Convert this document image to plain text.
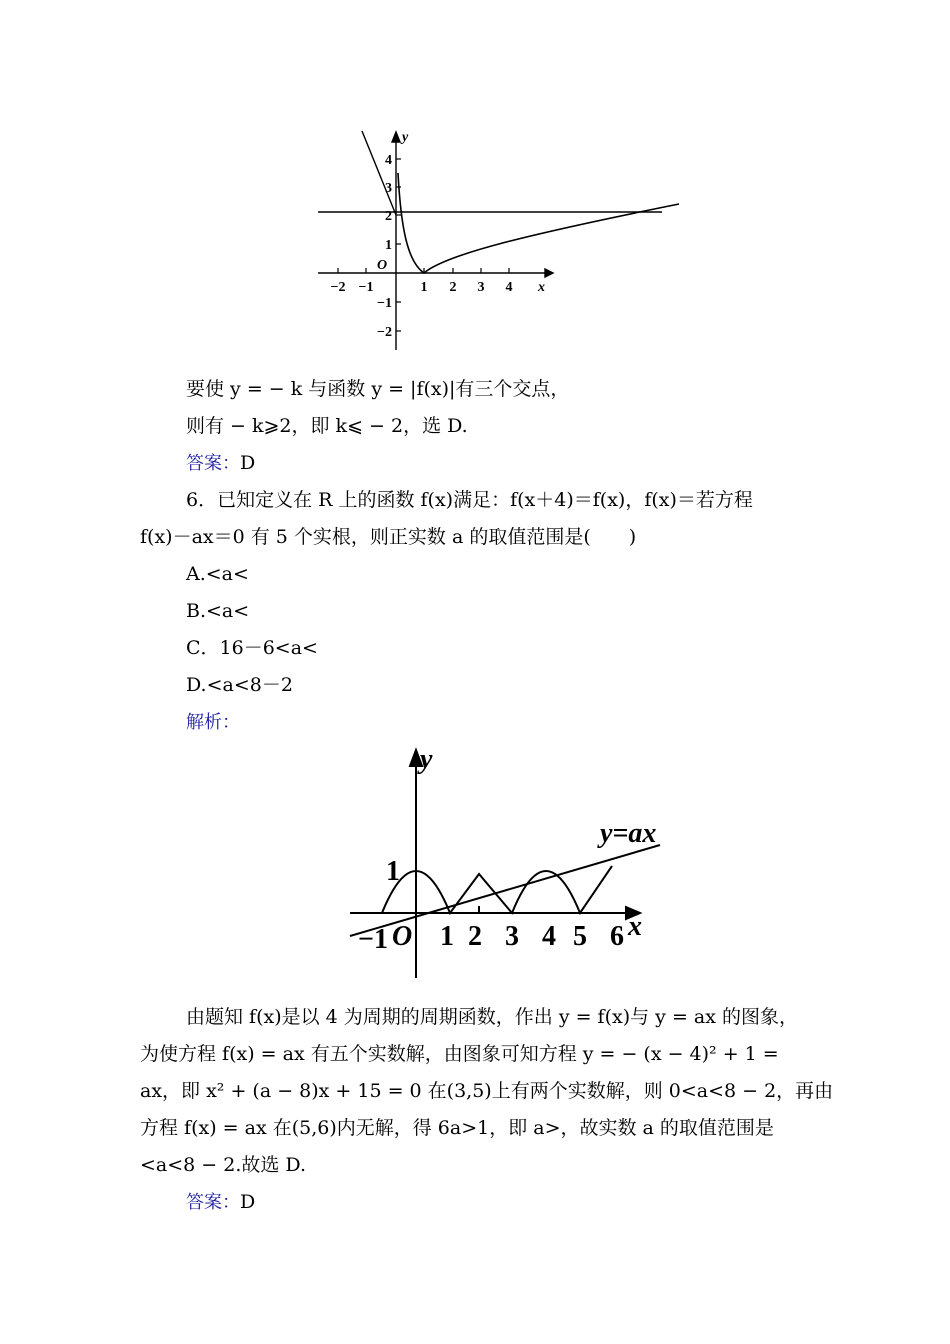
y
x
O
−2 −1	1 2 3 4
4
3
2
1
−1
−2
要使 y = − k 与函数 y = |f(x)|有三个交点，
则有 − k⩾2，即 k⩽ − 2，选 D.
答案：D
6．已知定义在 R 上的函数 f(x)满足：f(x＋4)＝f(x)，f(x)＝若方程
f(x)－ax＝0 有 5 个实根，则正实数 a 的取值范围是(　　)
A.<a<
B.<a<
C．16－6<a<
D.<a<8－2
解析：
y
x
y=ax
1
−1 O 1 2 3 4 5 6
由题知 f(x)是以 4 为周期的周期函数，作出 y = f(x)与 y = ax 的图象，
为使方程 f(x) = ax 有五个实数解，由图象可知方程 y = − (x − 4)² + 1 =
ax，即 x² + (a − 8)x + 15 = 0 在(3,5)上有两个实数解，则 0<a<8 − 2，再由
方程 f(x) = ax 在(5,6)内无解，得 6a>1，即 a>，故实数 a 的取值范围是
<a<8 − 2.故选 D.
答案：D
